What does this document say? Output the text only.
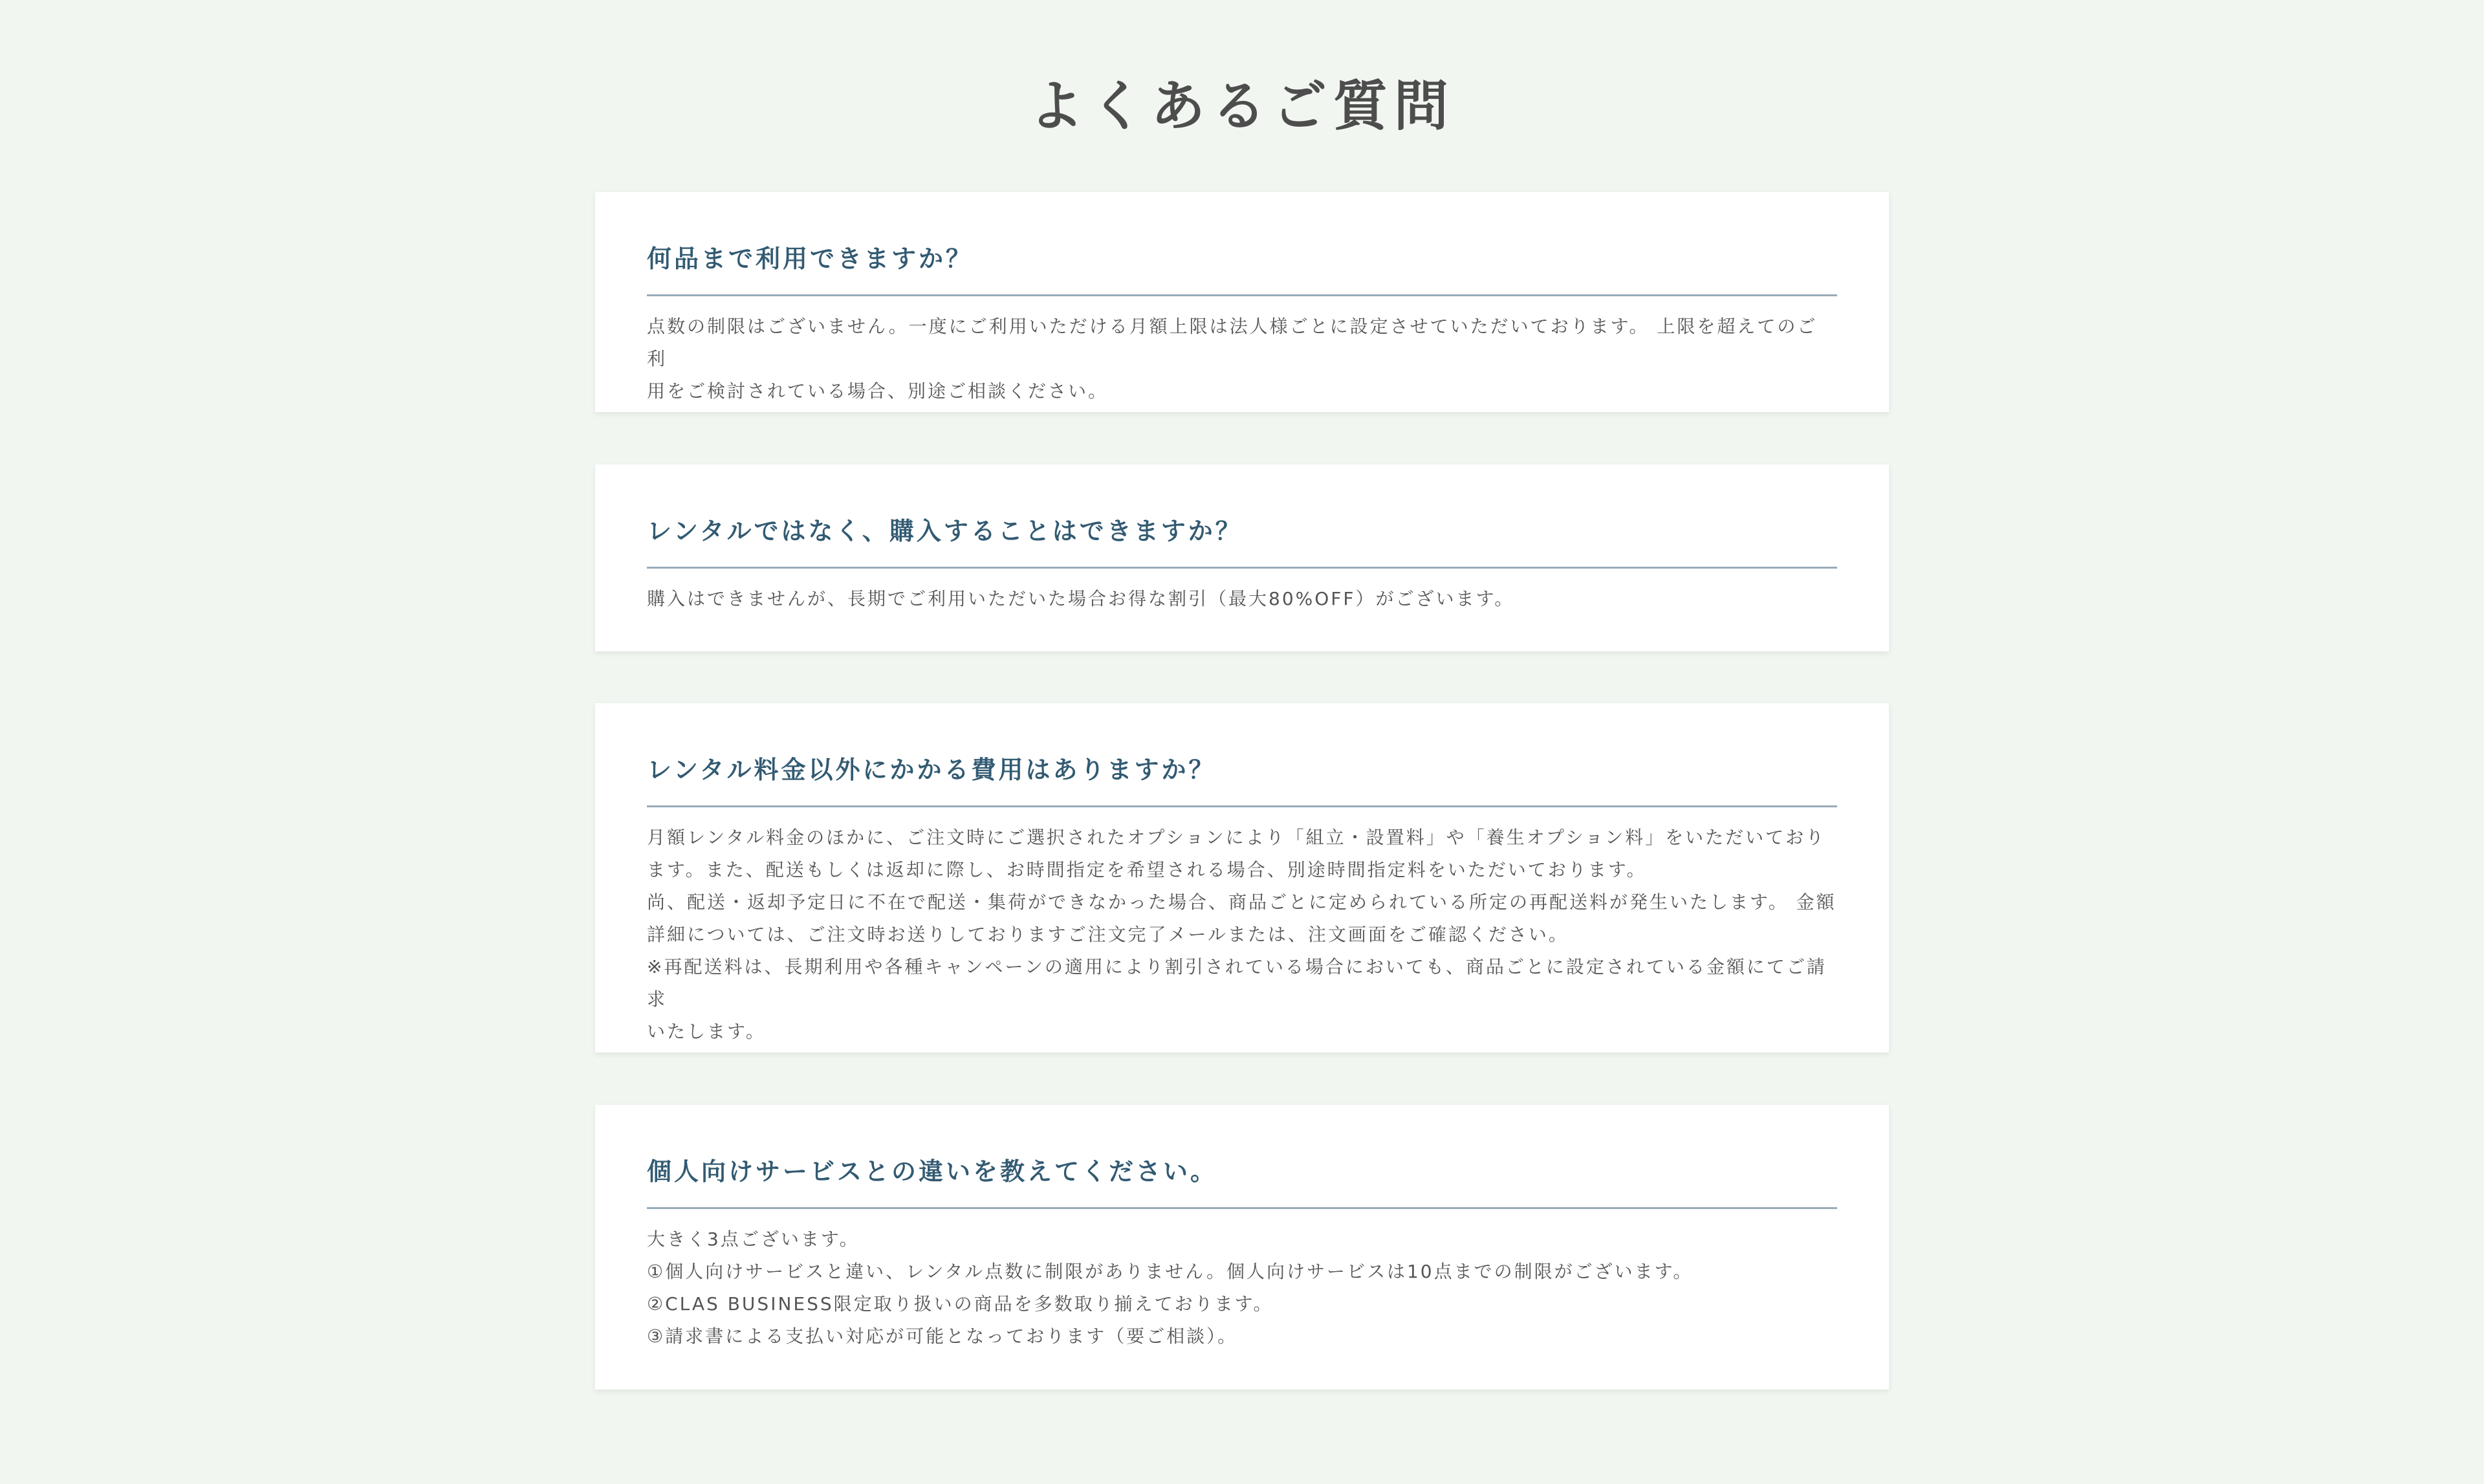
よくあるご質問
何品まで利用できますか？
点数の制限はございません。一度にご利用いただける月額上限は法人様ごとに設定させていただいております。 上限を超えてのご利
用をご検討されている場合、別途ご相談ください。
レンタルではなく、購入することはできますか？
購入はできませんが、長期でご利用いただいた場合お得な割引（最大80%OFF）がございます。
レンタル料金以外にかかる費用はありますか？
月額レンタル料金のほかに、ご注文時にご選択されたオプションにより「組立・設置料」や「養生オプション料」をいただいており
ます。また、配送もしくは返却に際し、お時間指定を希望される場合、別途時間指定料をいただいております。
尚、配送・返却予定日に不在で配送・集荷ができなかった場合、商品ごとに定められている所定の再配送料が発生いたします。 金額
詳細については、ご注文時お送りしておりますご注文完了メールまたは、注文画面をご確認ください。
※再配送料は、長期利用や各種キャンペーンの適用により割引されている場合においても、商品ごとに設定されている金額にてご請求
いたします。
個人向けサービスとの違いを教えてください。
大きく3点ございます。
①個人向けサービスと違い、レンタル点数に制限がありません。個人向けサービスは10点までの制限がございます。
②CLAS BUSINESS限定取り扱いの商品を多数取り揃えております。
③請求書による支払い対応が可能となっております（要ご相談）。
